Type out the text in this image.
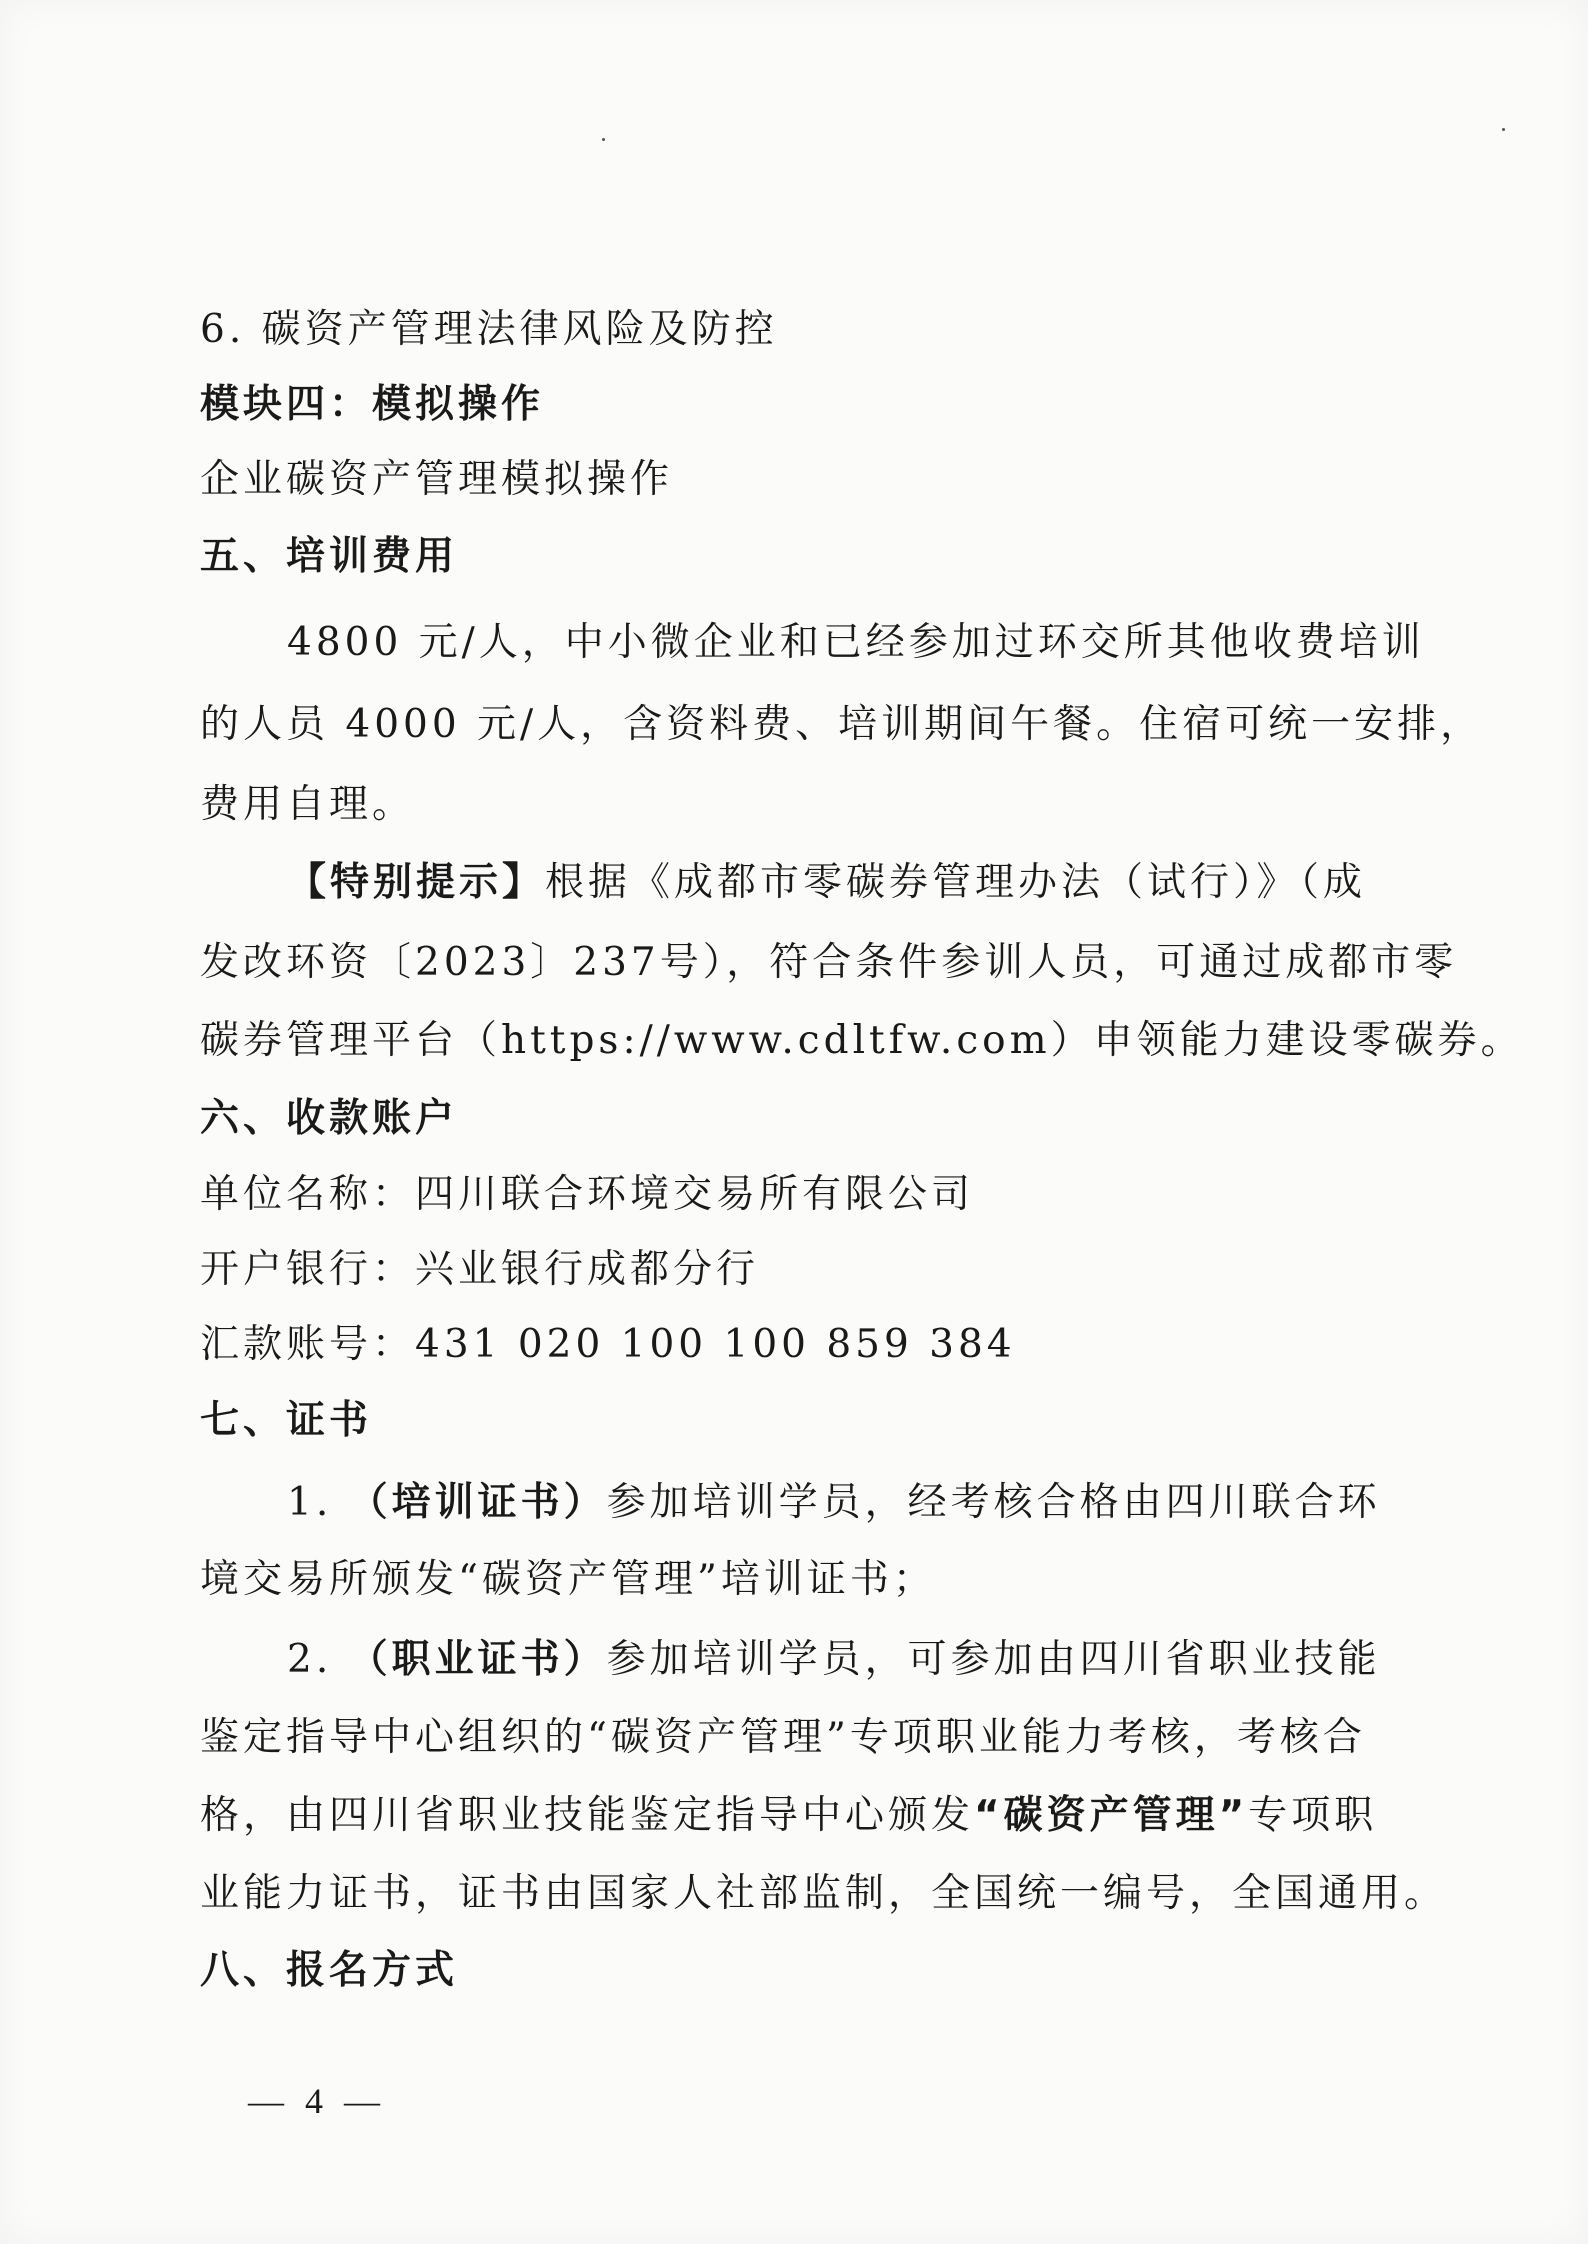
6. 碳资产管理法律风险及防控
模块四：模拟操作
企业碳资产管理模拟操作
五、培训费用
4800 元/人，中小微企业和已经参加过环交所其他收费培训
的人员 4000 元/人，含资料费、培训期间午餐。住宿可统一安排，
费用自理。
【特别提示】根据《成都市零碳券管理办法（试行）》（成
发改环资〔2023〕237号），符合条件参训人员，可通过成都市零
碳券管理平台（https://www.cdltfw.com）申领能力建设零碳券。
六、收款账户
单位名称：四川联合环境交易所有限公司
开户银行：兴业银行成都分行
汇款账号：431 020 100 100 859 384
七、证书
1. （培训证书）参加培训学员，经考核合格由四川联合环
境交易所颁发“碳资产管理”培训证书；
2. （职业证书）参加培训学员，可参加由四川省职业技能
鉴定指导中心组织的“碳资产管理”专项职业能力考核，考核合
格，由四川省职业技能鉴定指导中心颁发“碳资产管理”专项职
业能力证书，证书由国家人社部监制，全国统一编号，全国通用。
八、报名方式
— 4 —
